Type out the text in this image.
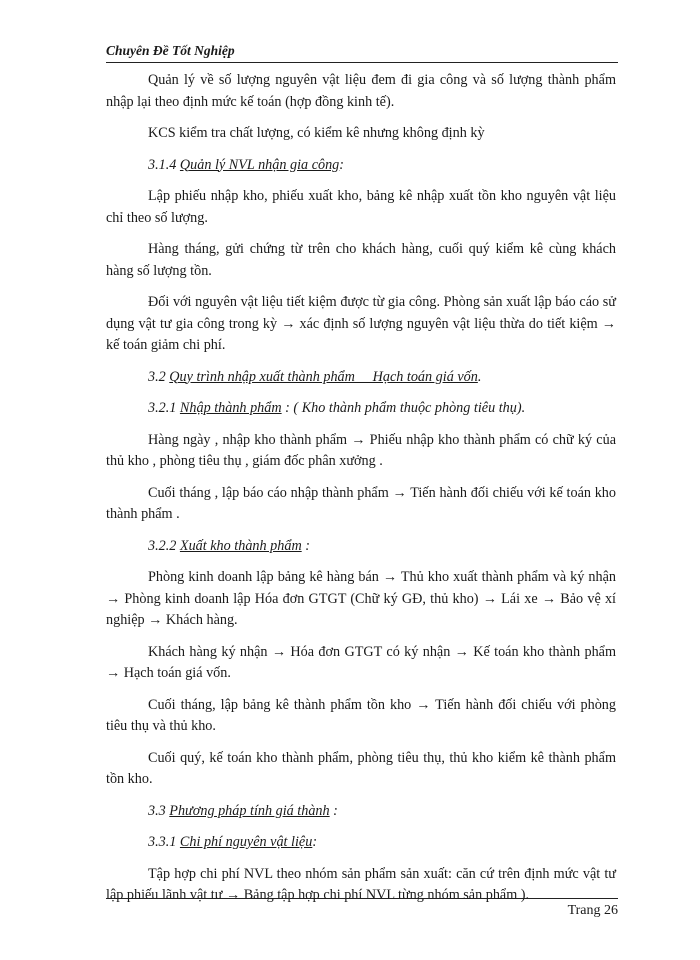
Chuyên Đề Tốt Nghiệp

Quản lý về số lượng nguyên vật liệu đem đi gia công và số lượng thành phẩm nhập lại theo định mức kế toán (hợp đồng kinh tế).

KCS kiểm tra chất lượng, có kiểm kê nhưng không định kỳ

3.1.4 Quản lý NVL nhận gia công:

Lập phiếu nhập kho, phiếu xuất kho, bảng kê nhập xuất tồn kho nguyên vật liệu chỉ theo số lượng.

Hàng tháng, gửi chứng từ trên cho khách hàng, cuối quý kiểm kê cùng khách hàng số lượng tồn.

Đối với nguyên vật liệu tiết kiệm được từ gia công. Phòng sản xuất lập báo cáo sử dụng vật tư gia công trong kỳ → xác định số lượng nguyên vật liệu thừa do tiết kiệm → kế toán giảm chi phí.

3.2 Quy trình nhập xuất thành phẩm     Hạch toán giá vốn.

3.2.1 Nhập thành phẩm : ( Kho thành phẩm thuộc phòng tiêu thụ).

Hàng ngày , nhập kho thành phẩm → Phiếu nhập kho thành phẩm có chữ ký của thủ kho , phòng tiêu thụ , giám đốc phân xưởng .

Cuối tháng , lập báo cáo nhập thành phẩm → Tiến hành đối chiếu với kế toán kho thành phẩm .

3.2.2 Xuất kho thành phẩm :

Phòng kinh doanh lập bảng kê hàng bán → Thủ kho xuất thành phẩm và ký nhận → Phòng kinh doanh lập Hóa đơn GTGT (Chữ ký GĐ, thủ kho) → Lái xe → Bảo vệ xí nghiệp → Khách hàng.

Khách hàng ký nhận → Hóa đơn GTGT có ký nhận → Kế toán kho thành phẩm → Hạch toán giá vốn.

Cuối tháng, lập bảng kê thành phẩm tồn kho → Tiến hành đối chiếu với phòng tiêu thụ và thủ kho.

Cuối quý, kế toán kho thành phẩm, phòng tiêu thụ, thủ kho kiểm kê thành phẩm tồn kho.

3.3 Phương pháp tính giá thành :

3.3.1 Chi phí nguyên vật liệu:

Tập hợp chi phí NVL theo nhóm sản phẩm sản xuất: căn cứ trên định mức vật tư lập phiếu lãnh vật tư → Bảng tập hợp chi phí NVL từng nhóm sản phẩm ).

Trang 26
